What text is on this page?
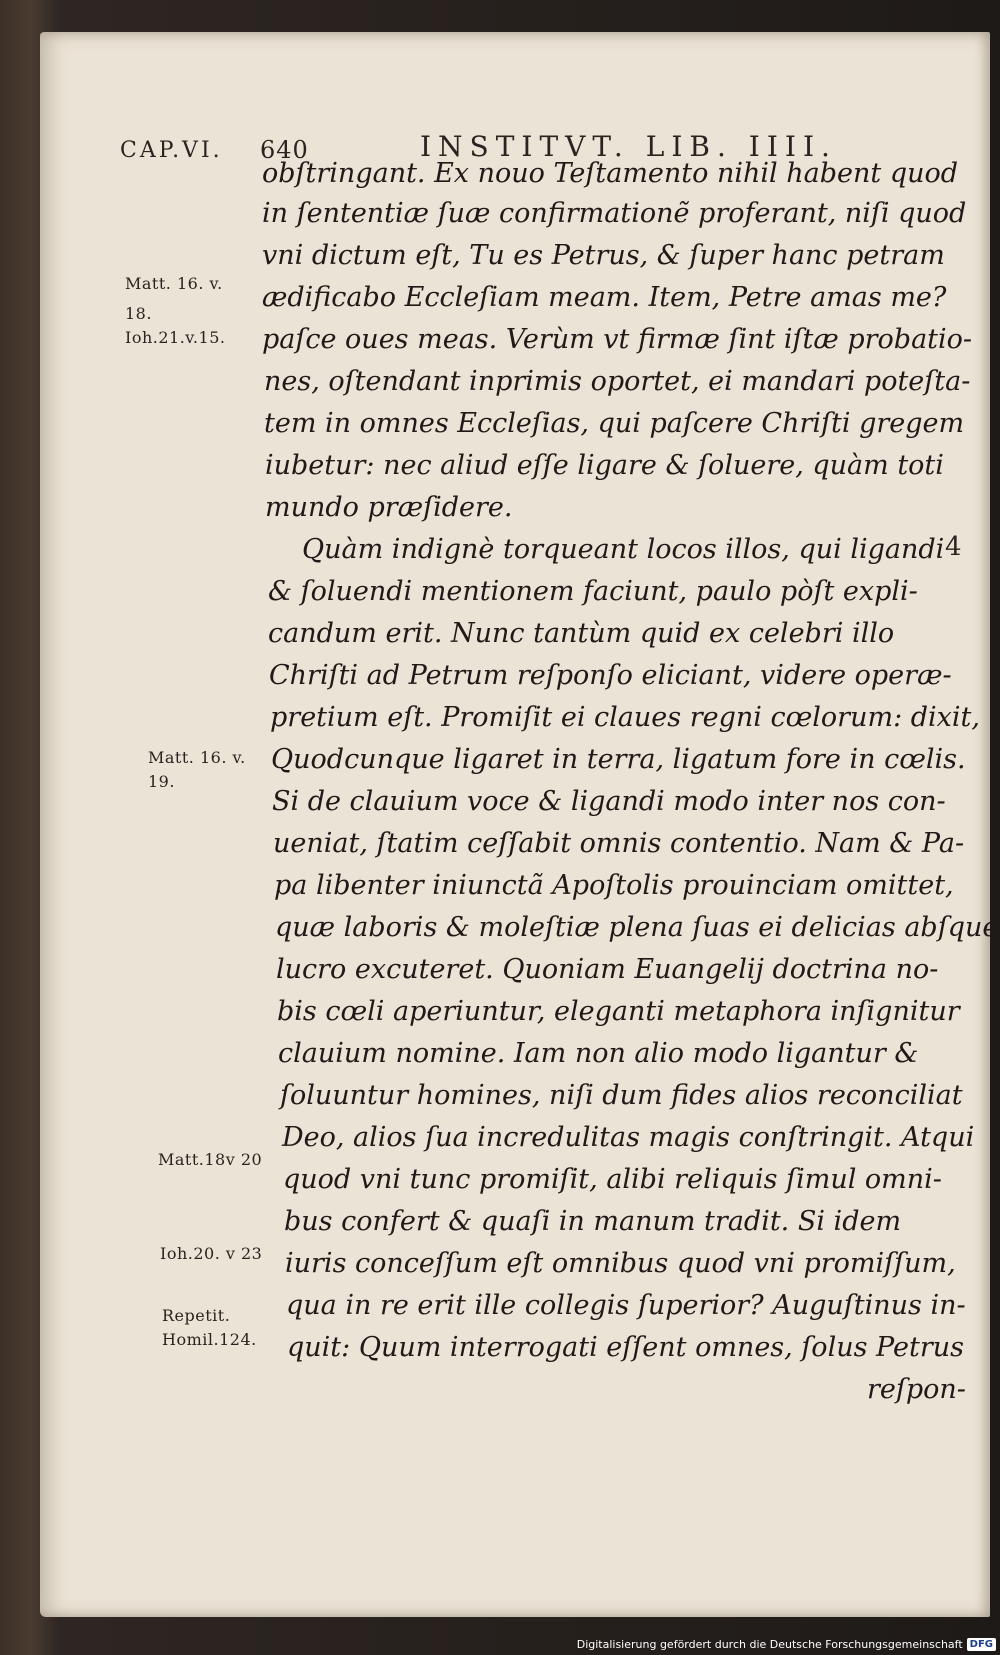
CAP.VI. 640	INSTITVT. LIB. IIII.
obſtringant. Ex nouo Teſtamento nihil habent quod
in ſententiæ ſuæ confirmationẽ proferant, niſi quod
vni dictum eſt, Tu es Petrus, & ſuper hanc petram
ædificabo Eccleſiam meam. Item, Petre amas me?
paſce oues meas. Verùm vt firmæ ſint iſtæ probatio-
nes, oſtendant inprimis oportet, ei mandari poteſta-
tem in omnes Eccleſias, qui paſcere Chriſti gregem
iubetur: nec aliud eſſe ligare & ſoluere, quàm toti
mundo præſidere.
Quàm indignè torqueant locos illos, qui ligandi
& ſoluendi mentionem faciunt, paulo pòſt expli-
candum erit. Nunc tantùm quid ex celebri illo
Chriſti ad Petrum reſponſo eliciant, videre operæ-
pretium eſt. Promiſit ei claues regni cœlorum: dixit,
Quodcunque ligaret in terra, ligatum fore in cœlis.
Si de clauium voce & ligandi modo inter nos con-
ueniat, ſtatim ceſſabit omnis contentio. Nam & Pa-
pa libenter iniunctã Apoſtolis prouinciam omittet,
quæ laboris & moleſtiæ plena ſuas ei delicias abſque
lucro excuteret. Quoniam Euangelij doctrina no-
bis cœli aperiuntur, eleganti metaphora inſignitur
clauium nomine. Iam non alio modo ligantur &
ſoluuntur homines, niſi dum fides alios reconciliat
Deo, alios ſua incredulitas magis conſtringit. Atqui
quod vni tunc promiſit, alibi reliquis ſimul omni-
bus confert & quaſi in manum tradit. Si idem
iuris conceſſum eſt omnibus quod vni promiſſum,
qua in re erit ille collegis ſuperior? Auguſtinus in-
quit: Quum interrogati eſſent omnes, ſolus Petrus
reſpon-
Matt. 16. v.
18.
Ioh.21.v.15.
Matt. 16. v.
19.
Matt.18v 20
Ioh.20. v 23
Repetit.
Homil.124.
4
Digitalisierung gefördert durch die Deutsche Forschungsgemeinschaft DFG
